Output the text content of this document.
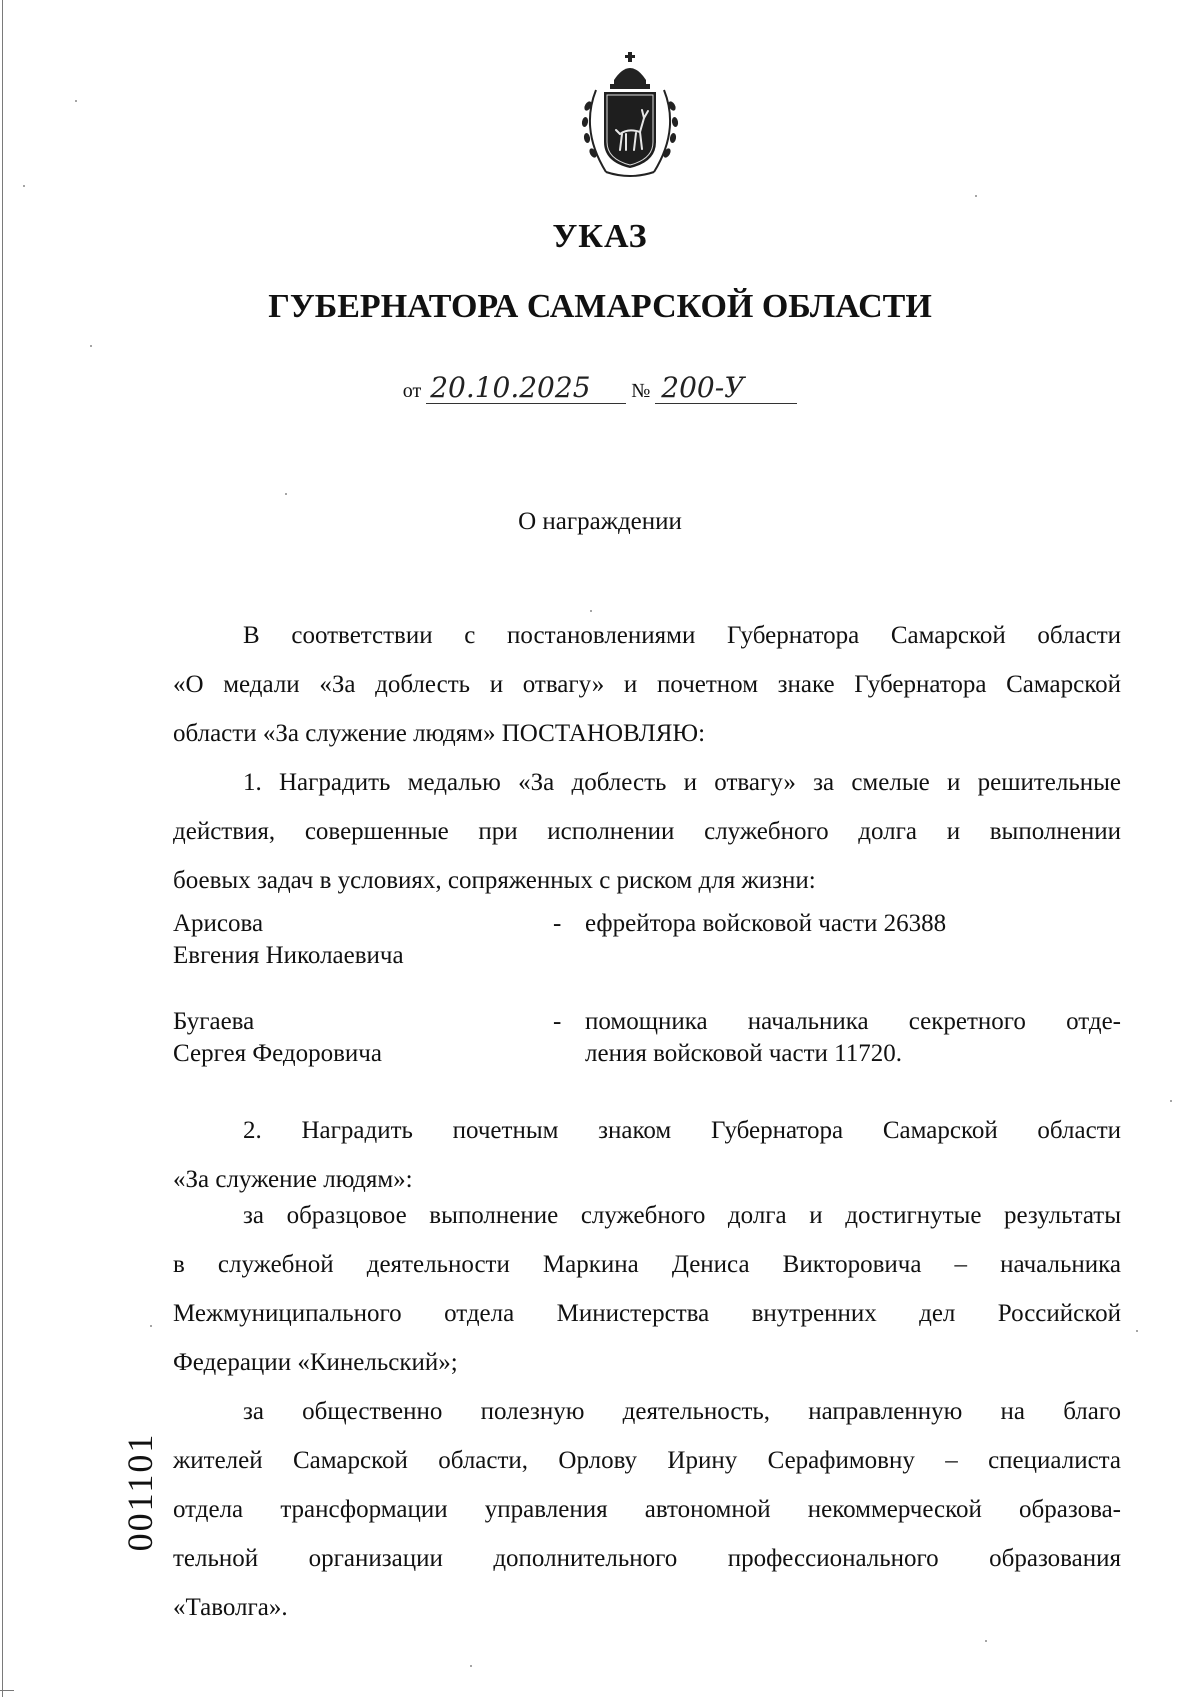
УКАЗ
ГУБЕРНАТОРА САМАРСКОЙ ОБЛАСТИ
от 20.10.2025 № 200-У
О награждении

В соответствии с постановлениями Губернатора Самарской области

«О медали «За доблесть и отвагу» и почетном знаке Губернатора Самарской

области «За служение людям» ПОСТАНОВЛЯЮ:

1. Наградить медалью «За доблесть и отвагу» за смелые и решительные

действия, совершенные при исполнении служебного долга и выполнении

боевых задач в условиях, сопряженных с риском для жизни:

Арисова
Евгения Николаевича
- ефрейтора войсковой части 26388
Бугаева
Сергея Федоровича
- помощника начальника секретного отде-
ления войсковой части 11720.

2. Наградить почетным знаком Губернатора Самарской области

«За служение людям»:

за образцовое выполнение служебного долга и достигнутые результаты

в служебной деятельности Маркина Дениса Викторовича – начальника

Межмуниципального отдела Министерства внутренних дел Российской

Федерации «Кинельский»;

за общественно полезную деятельность, направленную на благо

жителей Самарской области, Орлову Ирину Серафимовну – специалиста

отдела трансформации управления автономной некоммерческой образова-

тельной организации дополнительного профессионального образования

«Таволга».

001101
